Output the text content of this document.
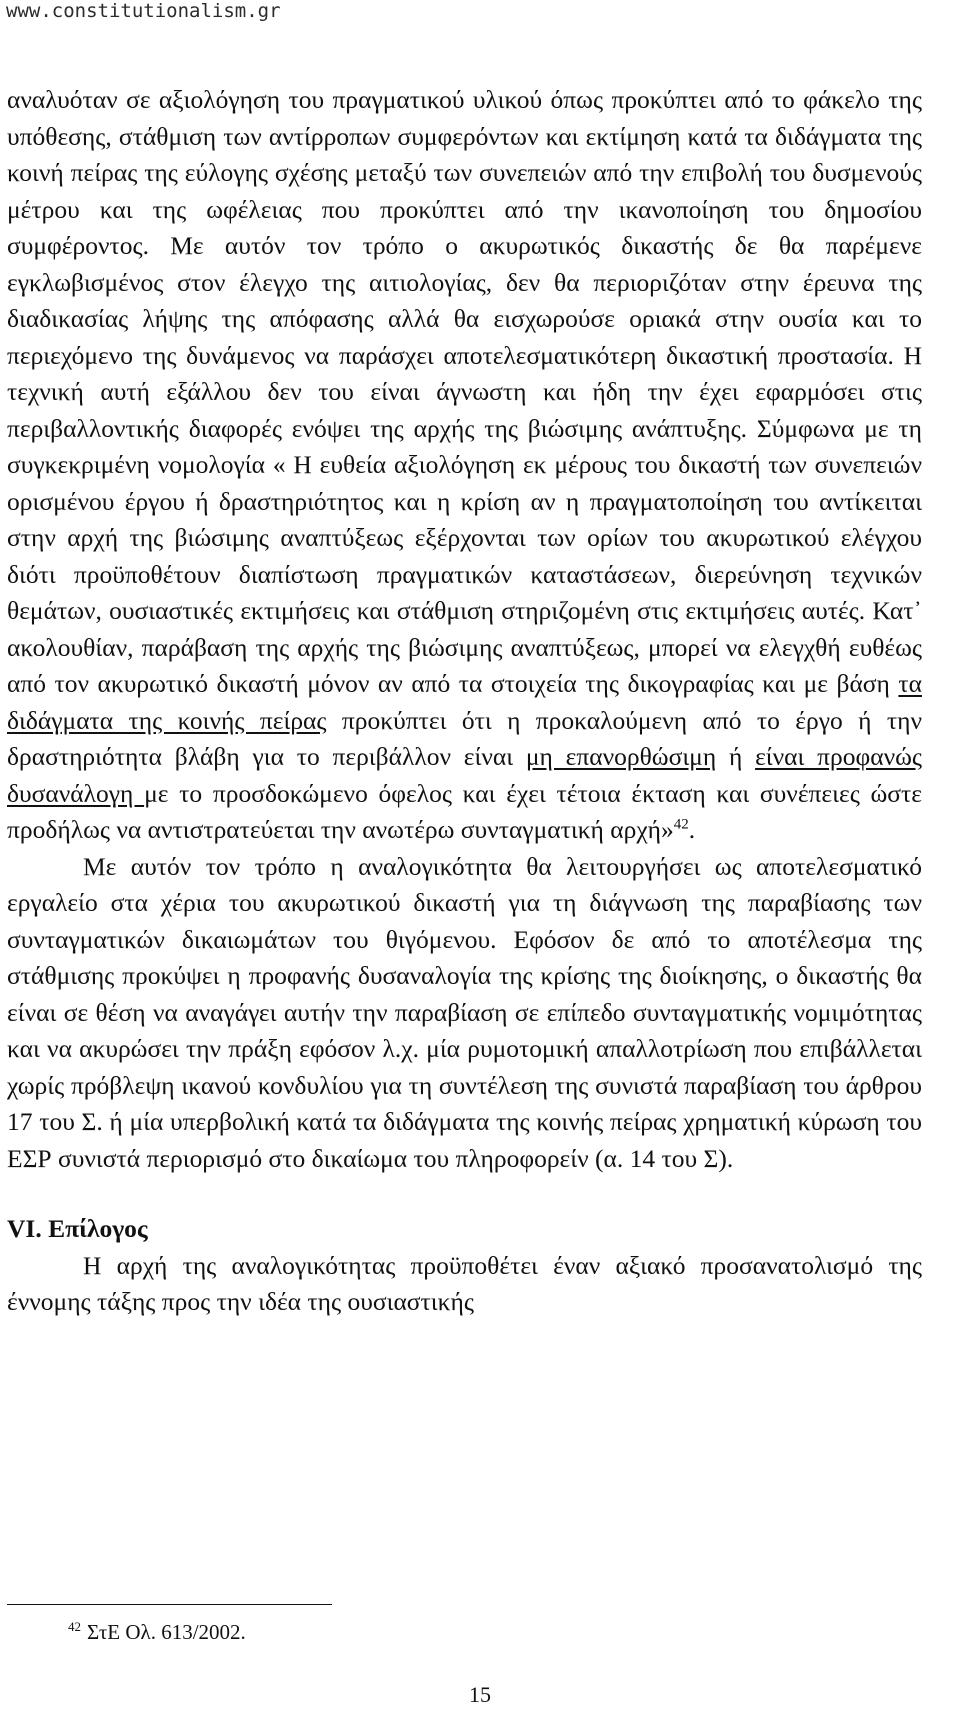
www.constitutionalism.gr

αναλυόταν σε αξιολόγηση του πραγματικού υλικού όπως προκύπτει από το φάκελο της υπόθεσης, στάθμιση των αντίρροπων συμφερόντων και εκτίμηση κατά τα διδάγματα της κοινή πείρας της εύλογης σχέσης μεταξύ των συνεπειών από την επιβολή του δυσμενούς μέτρου και της ωφέλειας που προκύπτει από την ικανοποίηση του δημοσίου συμφέροντος. Με αυτόν τον τρόπο ο ακυρωτικός δικαστής δε θα παρέμενε εγκλωβισμένος στον έλεγχο της αιτιολογίας, δεν θα περιοριζόταν στην έρευνα της διαδικασίας λήψης της απόφασης αλλά θα εισχωρούσε οριακά στην ουσία και το περιεχόμενο της δυνάμενος να παράσχει αποτελεσματικότερη δικαστική προστασία. Η τεχνική αυτή εξάλλου δεν του είναι άγνωστη και ήδη την έχει εφαρμόσει στις περιβαλλοντικής διαφορές ενόψει της αρχής της βιώσιμης ανάπτυξης. Σύμφωνα με τη συγκεκριμένη νομολογία « Η ευθεία αξιολόγηση εκ μέρους του δικαστή των συνεπειών ορισμένου έργου ή δραστηριότητος και η κρίση αν η πραγματοποίηση του αντίκειται στην αρχή της βιώσιμης αναπτύξεως εξέρχονται των ορίων του ακυρωτικού ελέγχου διότι προϋποθέτουν διαπίστωση πραγματικών καταστάσεων, διερεύνηση τεχνικών θεμάτων, ουσιαστικές εκτιμήσεις και στάθμιση στηριζομένη στις εκτιμήσεις αυτές. Κατ᾽ ακολουθίαν, παράβαση της αρχής της βιώσιμης αναπτύξεως, μπορεί να ελεγχθή ευθέως από τον ακυρωτικό δικαστή μόνον αν από τα στοιχεία της δικογραφίας και με βάση τα διδάγματα της κοινής πείρας προκύπτει ότι η προκαλούμενη από το έργο ή την δραστηριότητα βλάβη για το περιβάλλον είναι μη επανορθώσιμη ή είναι προφανώς δυσανάλογη με το προσδοκώμενο όφελος και έχει τέτοια έκταση και συνέπειες ώστε προδήλως να αντιστρατεύεται την ανωτέρω συνταγματική αρχή»$^{42}$.

Με αυτόν τον τρόπο η αναλογικότητα θα λειτουργήσει ως αποτελεσματικό εργαλείο στα χέρια του ακυρωτικού δικαστή για τη διάγνωση της παραβίασης των συνταγματικών δικαιωμάτων του θιγόμενου. Εφόσον δε από το αποτέλεσμα της στάθμισης προκύψει η προφανής δυσαναλογία της κρίσης της διοίκησης, ο δικαστής θα είναι σε θέση να αναγάγει αυτήν την παραβίαση σε επίπεδο συνταγματικής νομιμότητας και να ακυρώσει την πράξη εφόσον λ.χ. μία ρυμοτομική απαλλοτρίωση που επιβάλλεται χωρίς πρόβλεψη ικανού κονδυλίου για τη συντέλεση της συνιστά παραβίαση του άρθρου 17 του Σ. ή μία υπερβολική κατά τα διδάγματα της κοινής πείρας χρηματική κύρωση του ΕΣΡ συνιστά περιορισμό στο δικαίωμα του πληροφορείν (α. 14 του Σ).

VI. Επίλογος

Η αρχή της αναλογικότητας προϋποθέτει έναν αξιακό προσανατολισμό της έννομης τάξης προς την ιδέα της ουσιαστικής

$^{42}$ ΣτΕ Ολ. 613/2002.
15
